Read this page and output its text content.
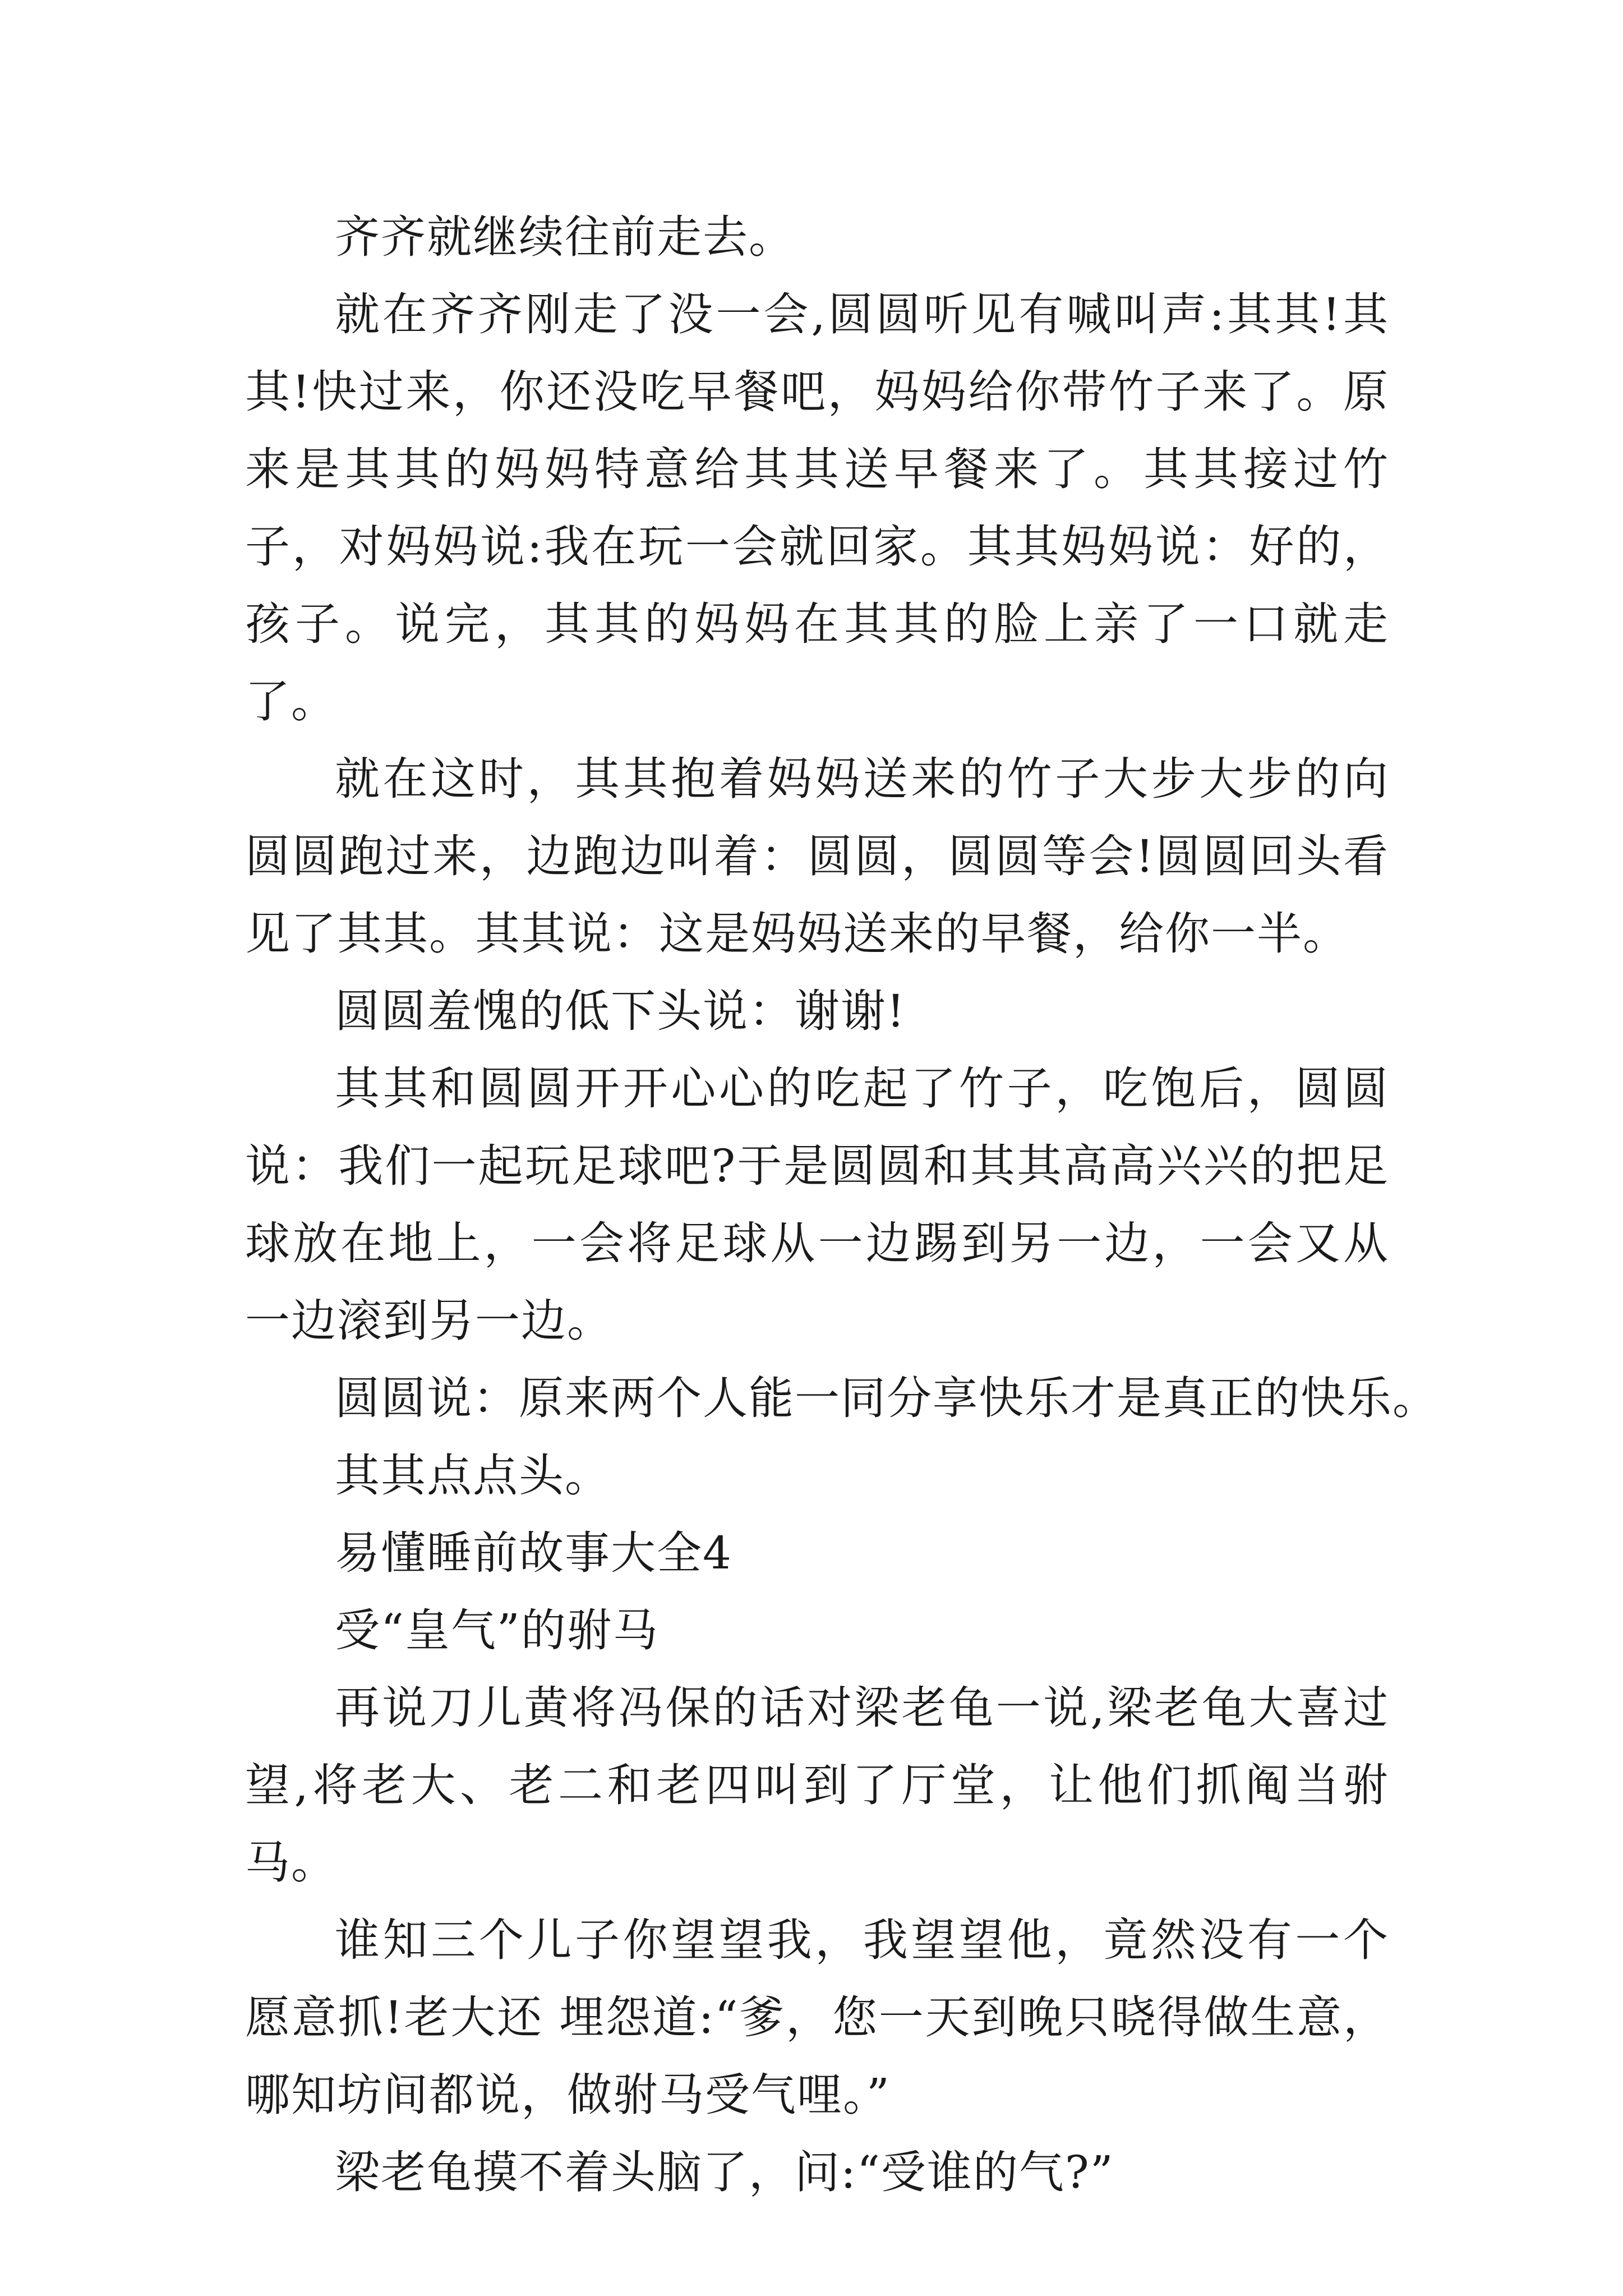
齐齐就继续往前走去。

就在齐齐刚走了没一会,圆圆听见有喊叫声:其其!其其!快过来，你还没吃早餐吧，妈妈给你带竹子来了。原来是其其的妈妈特意给其其送早餐来了。其其接过竹子，对妈妈说:我在玩一会就回家。其其妈妈说：好的，孩子。说完，其其的妈妈在其其的脸上亲了一口就走了。

就在这时，其其抱着妈妈送来的竹子大步大步的向圆圆跑过来，边跑边叫着：圆圆，圆圆等会!圆圆回头看见了其其。其其说：这是妈妈送来的早餐，给你一半。

圆圆羞愧的低下头说：谢谢!

其其和圆圆开开心心的吃起了竹子，吃饱后，圆圆说：我们一起玩足球吧?于是圆圆和其其高高兴兴的把足球放在地上，一会将足球从一边踢到另一边，一会又从一边滚到另一边。

圆圆说：原来两个人能一同分享快乐才是真正的快乐。

其其点点头。

易懂睡前故事大全4

受“皇气”的驸马

再说刀儿黄将冯保的话对梁老龟一说,梁老龟大喜过望,将老大、老二和老四叫到了厅堂，让他们抓阄当驸马。

谁知三个儿子你望望我，我望望他，竟然没有一个愿意抓!老大还 埋怨道:“爹，您一天到晚只晓得做生意，哪知坊间都说，做驸马受气哩。”

梁老龟摸不着头脑了，问:“受谁的气?”
